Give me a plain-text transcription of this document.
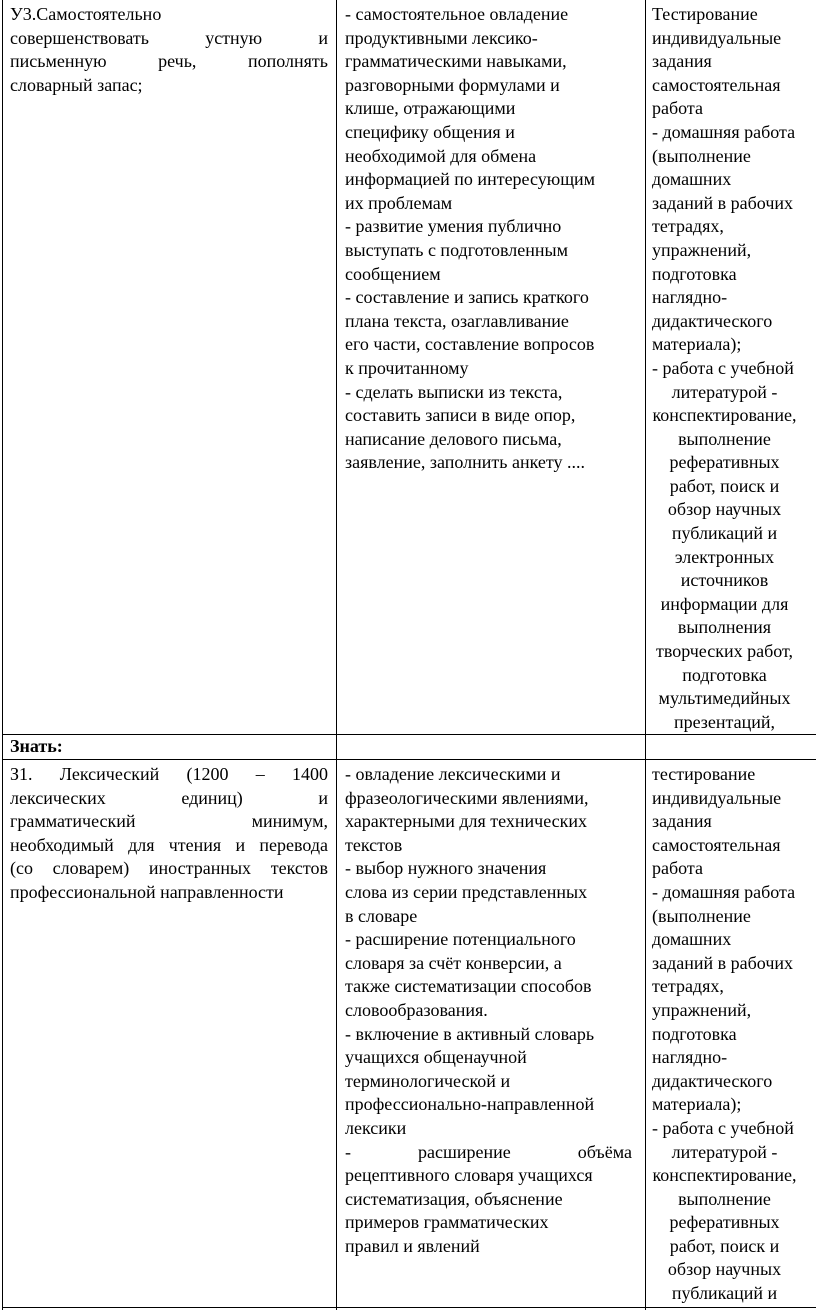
У3.Самостоятельно
совершенствовать устную и
письменную речь, пополнять
словарный запас;
- самостоятельное овладение
продуктивными лексико-
грамматическими навыками,
разговорными формулами и
клише, отражающими
специфику общения и
необходимой для обмена
информацией по интересующим
их проблемам
- развитие умения публично
выступать с подготовленным
сообщением
- составление и запись краткого
плана текста, озаглавливание
его части, составление вопросов
к прочитанному
- сделать выписки из текста,
составить записи в виде опор,
написание делового письма,
заявление, заполнить анкету ....
Тестирование
индивидуальные
задания
самостоятельная
работа
- домашняя работа
(выполнение
домашних
заданий в рабочих
тетрадях,
упражнений,
подготовка
наглядно-
дидактического
материала);
- работа с учебной
литературой -
конспектирование,
выполнение
реферативных
работ, поиск и
обзор научных
публикаций и
электронных
источников
информации для
выполнения
творческих работ,
подготовка
мультимедийных
презентаций,
Знать:
З1. Лексический (1200 – 1400
лексических единиц) и
грамматический минимум,
необходимый для чтения и перевода
(со словарем) иностранных текстов
профессиональной направленности
- овладение лексическими и
фразеологическими явлениями,
характерными для технических
текстов
- выбор нужного значения
слова из серии представленных
в словаре
- расширение потенциального
словаря за счёт конверсии, а
также систематизации способов
словообразования.
- включение в активный словарь
учащихся общенаучной
терминологической и
профессионально-направленной
лексики
- расширение объёма
рецептивного словаря учащихся
систематизация, объяснение
примеров грамматических
правил и явлений
тестирование
индивидуальные
задания
самостоятельная
работа
- домашняя работа
(выполнение
домашних
заданий в рабочих
тетрадях,
упражнений,
подготовка
наглядно-
дидактического
материала);
- работа с учебной
литературой -
конспектирование,
выполнение
реферативных
работ, поиск и
обзор научных
публикаций и
